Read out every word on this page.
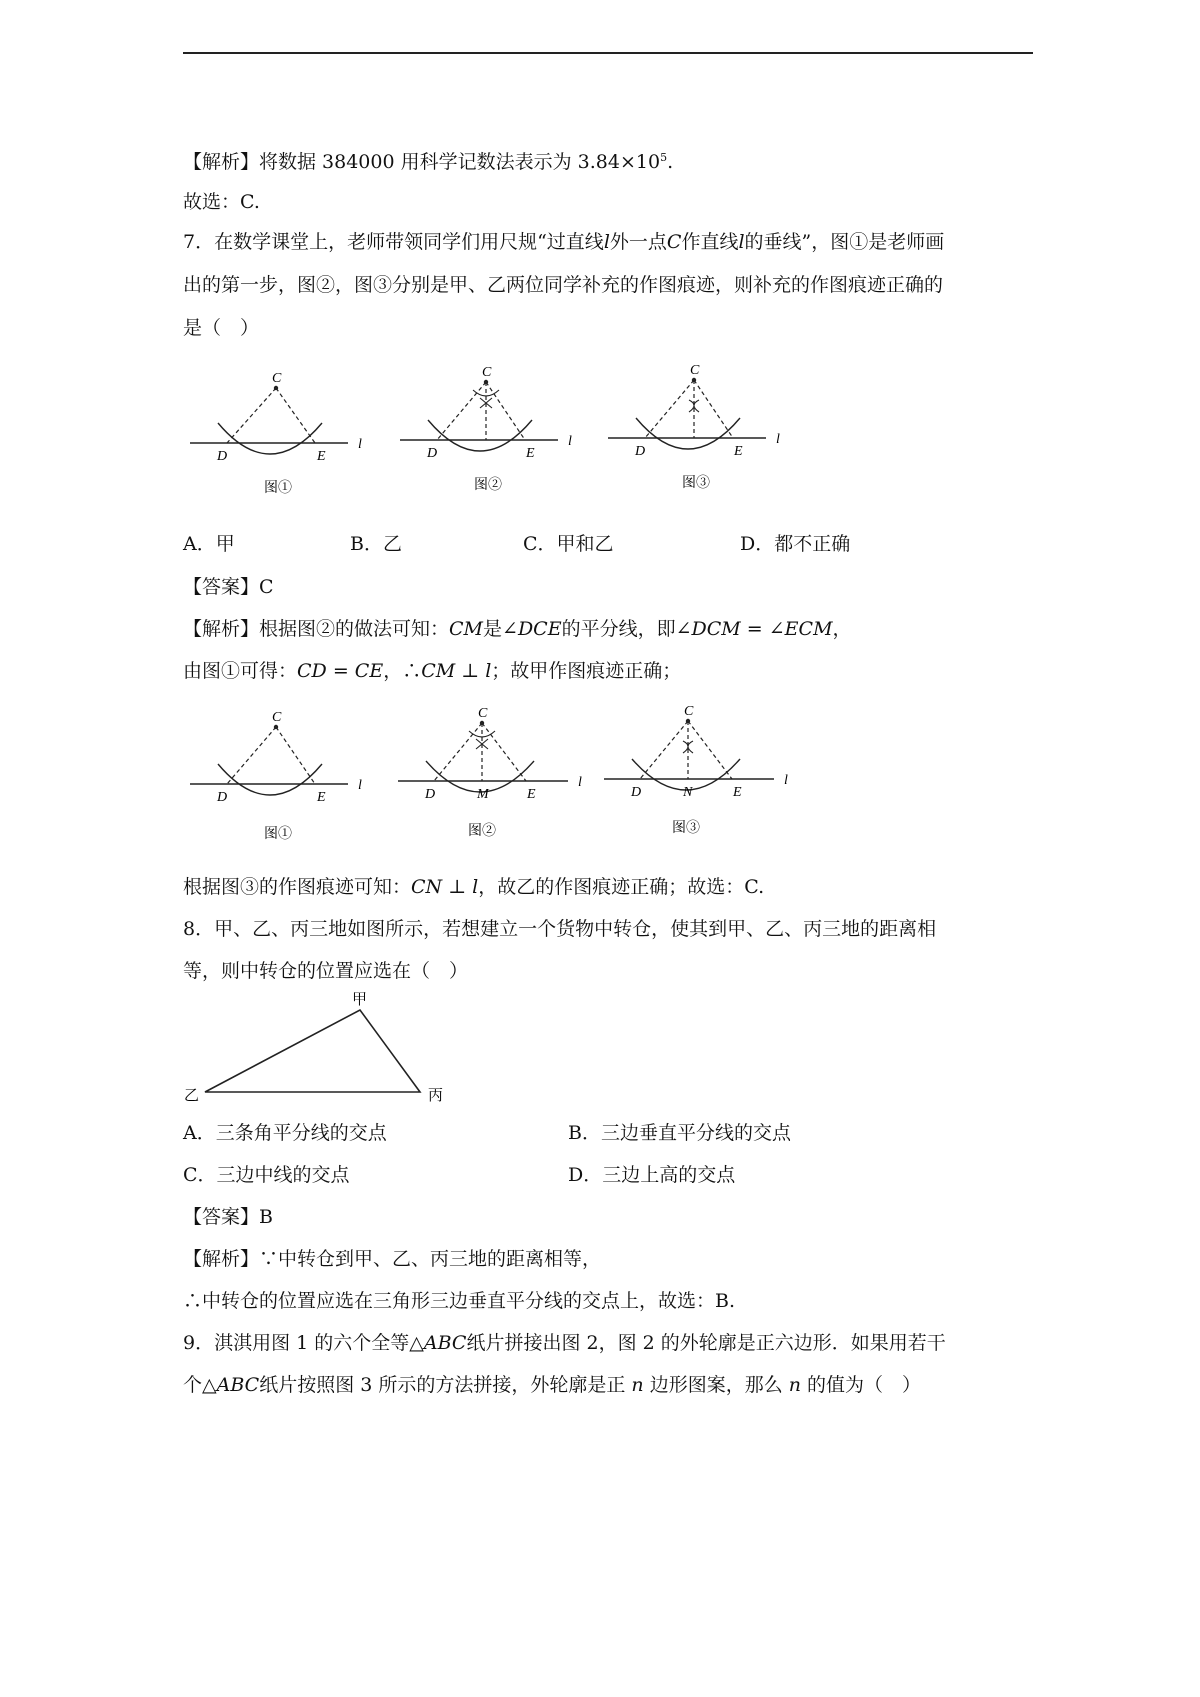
【解析】将数据 384000 用科学记数法表示为 $3.84\times 10^5$.
故选：C.
7．在数学课堂上，老师带领同学们用尺规“过直线l外一点C作直线l的垂线”，图①是老师画
出的第一步，图②，图③分别是甲、乙两位同学补充的作图痕迹，则补充的作图痕迹正确的
是（　）
C
D	E
l
图①
C
D	E
l
图②
C
D	E
l
图③
A．甲	B．乙	C．甲和乙	D．都不正确
【答案】C
【解析】根据图②的做法可知：CM是∠DCE的平分线，即∠DCM = ∠ECM，
由图①可得：CD = CE，∴CM ⊥ l；故甲作图痕迹正确；
C
D	E
l
图①
C
D	M	E
l
图②
C
D	N	E
l
图③
根据图③的作图痕迹可知：CN ⊥ l，故乙的作图痕迹正确；故选：C.
8．甲、乙、丙三地如图所示，若想建立一个货物中转仓，使其到甲、乙、丙三地的距离相
等，则中转仓的位置应选在（　）
甲
乙	丙
A．三条角平分线的交点	B．三边垂直平分线的交点
C．三边中线的交点	D．三边上高的交点
【答案】B
【解析】∵中转仓到甲、乙、丙三地的距离相等，
∴中转仓的位置应选在三角形三边垂直平分线的交点上，故选：B.
9．淇淇用图 1 的六个全等△ABC纸片拼接出图 2，图 2 的外轮廓是正六边形．如果用若干
个△ABC纸片按照图 3 所示的方法拼接，外轮廓是正 n 边形图案，那么 n 的值为（　）
